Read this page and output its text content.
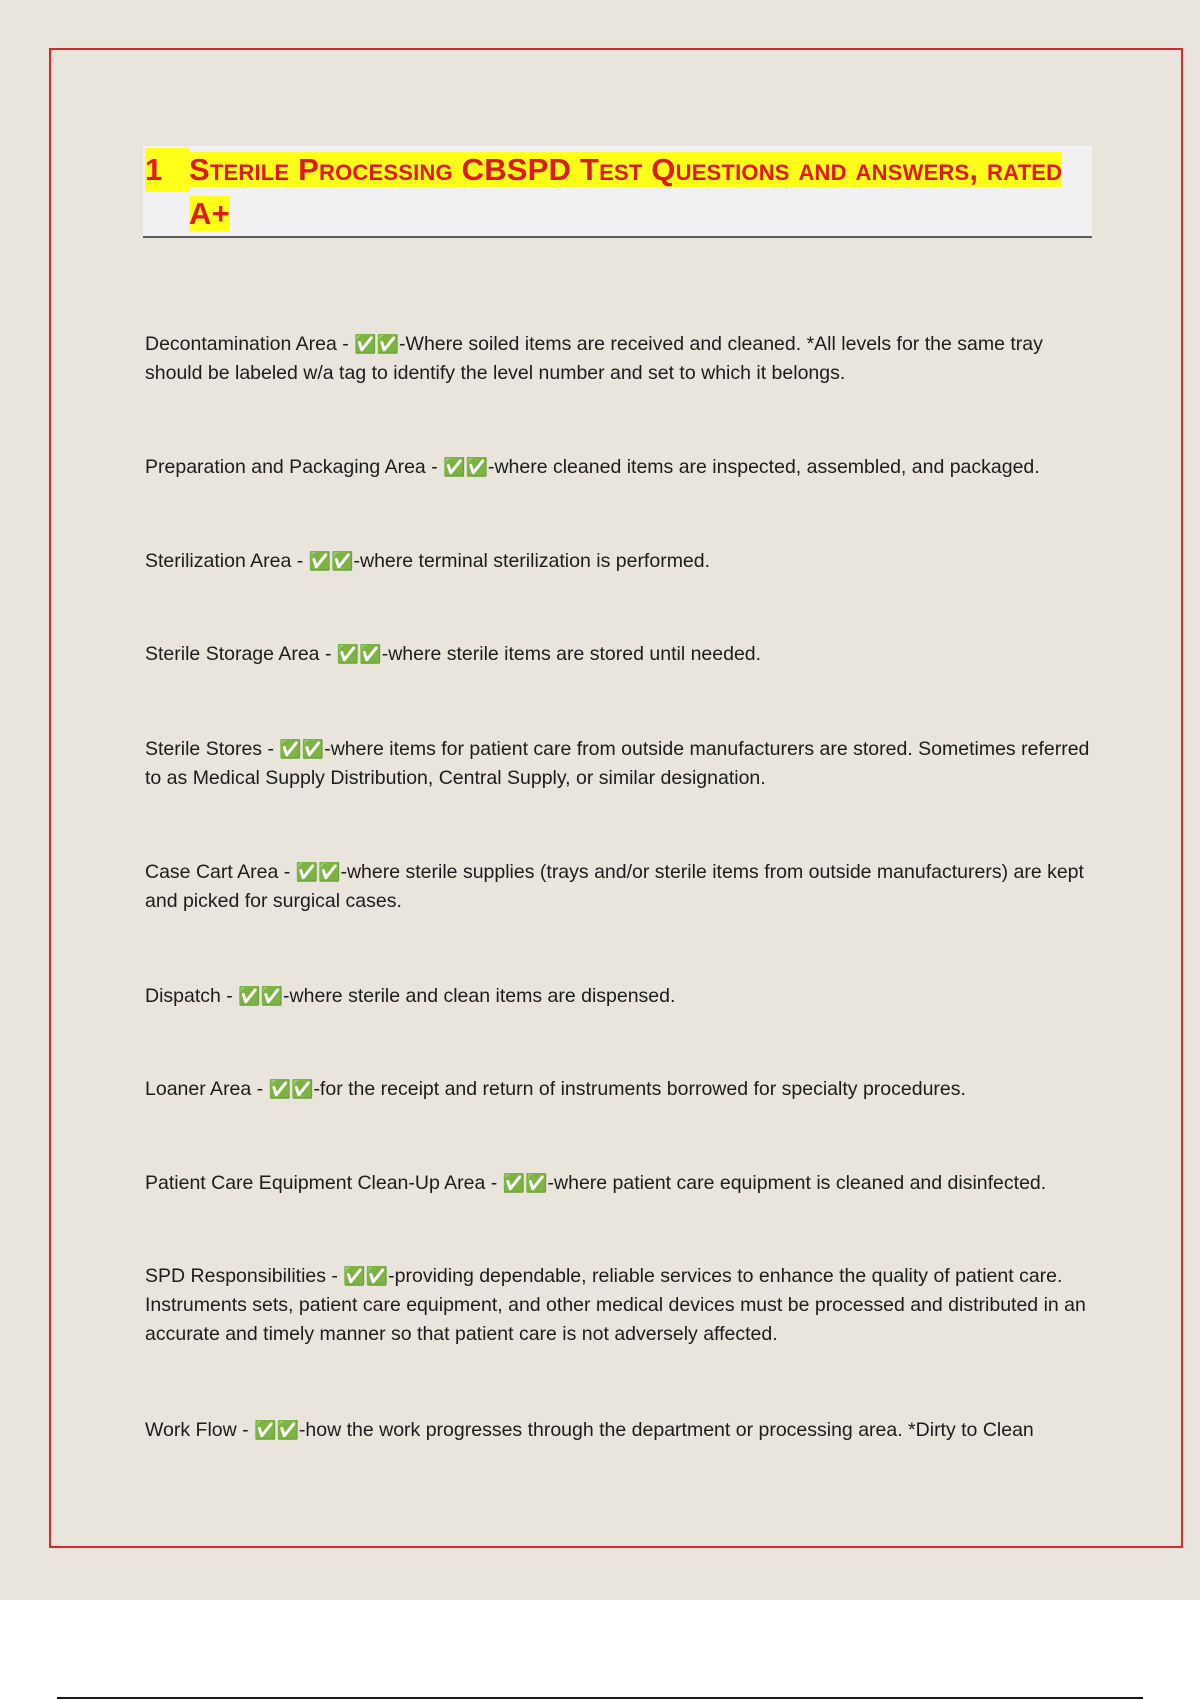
1 Sterile Processing CBSPD Test Questions and answers, rated A+

Decontamination Area - ✅✅-Where soiled items are received and cleaned. *All levels for the same tray should be labeled w/a tag to identify the level number and set to which it belongs.

Preparation and Packaging Area - ✅✅-where cleaned items are inspected, assembled, and packaged.

Sterilization Area - ✅✅-where terminal sterilization is performed.

Sterile Storage Area - ✅✅-where sterile items are stored until needed.

Sterile Stores - ✅✅-where items for patient care from outside manufacturers are stored. Sometimes referred to as Medical Supply Distribution, Central Supply, or similar designation.

Case Cart Area - ✅✅-where sterile supplies (trays and/or sterile items from outside manufacturers) are kept and picked for surgical cases.

Dispatch - ✅✅-where sterile and clean items are dispensed.

Loaner Area - ✅✅-for the receipt and return of instruments borrowed for specialty procedures.

Patient Care Equipment Clean-Up Area - ✅✅-where patient care equipment is cleaned and disinfected.

SPD Responsibilities - ✅✅-providing dependable, reliable services to enhance the quality of patient care. Instruments sets, patient care equipment, and other medical devices must be processed and distributed in an accurate and timely manner so that patient care is not adversely affected.

Work Flow - ✅✅-how the work progresses through the department or processing area. *Dirty to Clean
